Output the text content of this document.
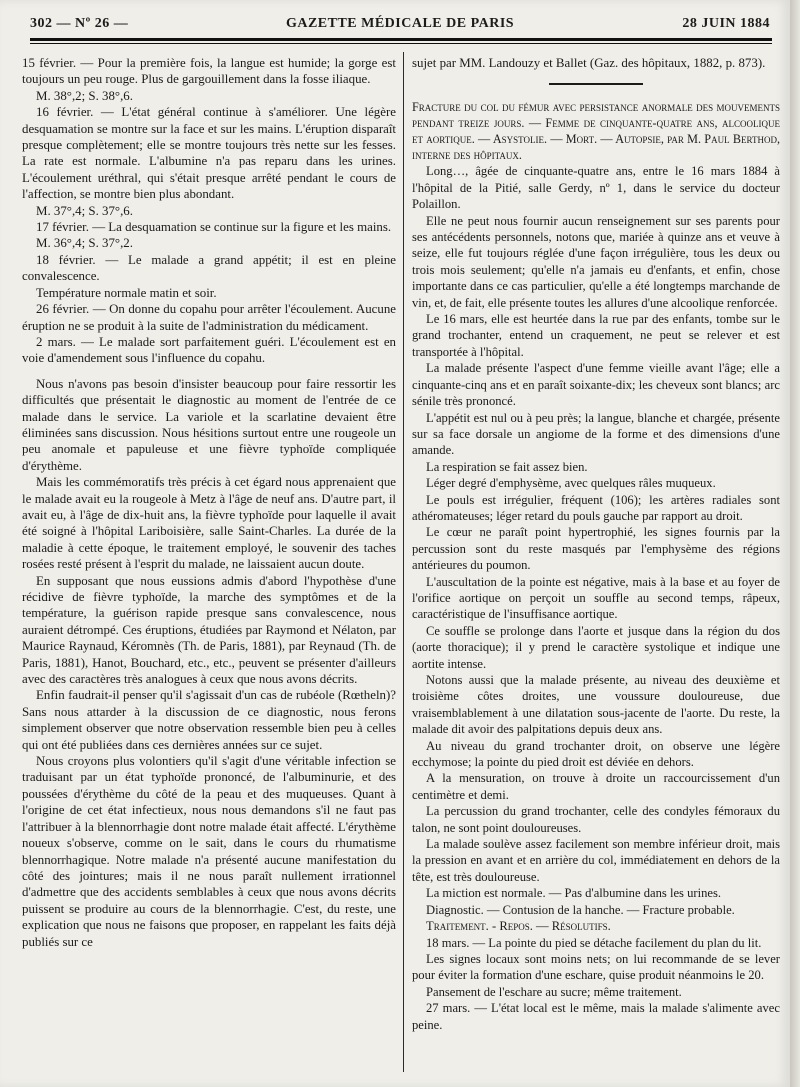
302 — Nº 26 —	GAZETTE MÉDICALE DE PARIS	28 JUIN 1884

15 février. — Pour la première fois, la langue est humide; la gorge est toujours un peu rouge. Plus de gargouillement dans la fosse iliaque.

M. 38°,2; S. 38°,6.

16 février. — L'état général continue à s'améliorer. Une légère desquamation se montre sur la face et sur les mains. L'éruption disparaît presque complètement; elle se montre toujours très nette sur les fesses. La rate est normale. L'albumine n'a pas reparu dans les urines. L'écoulement uréthral, qui s'était presque arrêté pendant le cours de l'affection, se montre bien plus abondant.

M. 37°,4; S. 37°,6.

17 février. — La desquamation se continue sur la figure et les mains.

M. 36°,4; S. 37°,2.

18 février. — Le malade a grand appétit; il est en pleine convalescence.

Température normale matin et soir.

26 février. — On donne du copahu pour arrêter l'écoulement. Aucune éruption ne se produit à la suite de l'administration du médicament.

2 mars. — Le malade sort parfaitement guéri. L'écoulement est en voie d'amendement sous l'influence du copahu.

Nous n'avons pas besoin d'insister beaucoup pour faire ressortir les difficultés que présentait le diagnostic au moment de l'entrée de ce malade dans le service. La variole et la scarlatine devaient être éliminées sans discussion. Nous hésitions surtout entre une rougeole un peu anomale et papuleuse et une fièvre typhoïde compliquée d'érythème.

Mais les commémoratifs très précis à cet égard nous apprenaient que le malade avait eu la rougeole à Metz à l'âge de neuf ans. D'autre part, il avait eu, à l'âge de dix-huit ans, la fièvre typhoïde pour laquelle il avait été soigné à l'hôpital Lariboisière, salle Saint-Charles. La durée de la maladie à cette époque, le traitement employé, le souvenir des taches rosées resté présent à l'esprit du malade, ne laissaient aucun doute.

En supposant que nous eussions admis d'abord l'hypothèse d'une récidive de fièvre typhoïde, la marche des symptômes et de la température, la guérison rapide presque sans convalescence, nous auraient détrompé. Ces éruptions, étudiées par Raymond et Nélaton, par Maurice Raynaud, Kéromnès (Th. de Paris, 1881), par Reynaud (Th. de Paris, 1881), Hanot, Bouchard, etc., etc., peuvent se présenter d'ailleurs avec des caractères très analogues à ceux que nous avons décrits.

Enfin faudrait-il penser qu'il s'agissait d'un cas de rubéole (Rœtheln)? Sans nous attarder à la discussion de ce diagnostic, nous ferons simplement observer que notre observation ressemble bien peu à celles qui ont été publiées dans ces dernières années sur ce sujet.

Nous croyons plus volontiers qu'il s'agit d'une véritable infection se traduisant par un état typhoïde prononcé, de l'albuminurie, et des poussées d'érythème du côté de la peau et des muqueuses. Quant à l'origine de cet état infectieux, nous nous demandons s'il ne faut pas l'attribuer à la blennorrhagie dont notre malade était affecté. L'érythème noueux s'observe, comme on le sait, dans le cours du rhumatisme blennorrhagique. Notre malade n'a présenté aucune manifestation du côté des jointures; mais il ne nous paraît nullement irrationnel d'admettre que des accidents semblables à ceux que nous avons décrits puissent se produire au cours de la blennorrhagie. C'est, du reste, une explication que nous ne faisons que proposer, en rappelant les faits déjà publiés sur ce

sujet par MM. Landouzy et Ballet (Gaz. des hôpitaux, 1882, p. 873).

Fracture du col du fémur avec persistance anormale des mouvements pendant treize jours. — Femme de cinquante-quatre ans, alcoolique et aortique. — Asystolie. — Mort. — Autopsie, par M. Paul Berthod, interne des hôpitaux.

Long…, âgée de cinquante-quatre ans, entre le 16 mars 1884 à l'hôpital de la Pitié, salle Gerdy, nº 1, dans le service du docteur Polaillon.

Elle ne peut nous fournir aucun renseignement sur ses parents pour ses antécédents personnels, notons que, mariée à quinze ans et veuve à seize, elle fut toujours réglée d'une façon irrégulière, tous les deux ou trois mois seulement; qu'elle n'a jamais eu d'enfants, et enfin, chose importante dans ce cas particulier, qu'elle a été longtemps marchande de vin, et, de fait, elle présente toutes les allures d'une alcoolique renforcée.

Le 16 mars, elle est heurtée dans la rue par des enfants, tombe sur le grand trochanter, entend un craquement, ne peut se relever et est transportée à l'hôpital.

La malade présente l'aspect d'une femme vieille avant l'âge; elle a cinquante-cinq ans et en paraît soixante-dix; les cheveux sont blancs; arc sénile très prononcé.

L'appétit est nul ou à peu près; la langue, blanche et chargée, présente sur sa face dorsale un angiome de la forme et des dimensions d'une amande.

La respiration se fait assez bien.

Léger degré d'emphysème, avec quelques râles muqueux.

Le pouls est irrégulier, fréquent (106); les artères radiales sont athéromateuses; léger retard du pouls gauche par rapport au droit.

Le cœur ne paraît point hypertrophié, les signes fournis par la percussion sont du reste masqués par l'emphysème des régions antérieures du poumon.

L'auscultation de la pointe est négative, mais à la base et au foyer de l'orifice aortique on perçoit un souffle au second temps, râpeux, caractéristique de l'insuffisance aortique.

Ce souffle se prolonge dans l'aorte et jusque dans la région du dos (aorte thoracique); il y prend le caractère systolique et indique une aortite intense.

Notons aussi que la malade présente, au niveau des deuxième et troisième côtes droites, une voussure douloureuse, due vraisemblablement à une dilatation sous-jacente de l'aorte. Du reste, la malade dit avoir des palpitations depuis deux ans.

Au niveau du grand trochanter droit, on observe une légère ecchymose; la pointe du pied droit est déviée en dehors.

A la mensuration, on trouve à droite un raccourcissement d'un centimètre et demi.

La percussion du grand trochanter, celle des condyles fémoraux du talon, ne sont point douloureuses.

La malade soulève assez facilement son membre inférieur droit, mais la pression en avant et en arrière du col, immédiatement en dehors de la tête, est très douloureuse.

La miction est normale. — Pas d'albumine dans les urines.

Diagnostic. — Contusion de la hanche. — Fracture probable.

Traitement. - Repos. — Résolutifs.

18 mars. — La pointe du pied se détache facilement du plan du lit.

Les signes locaux sont moins nets; on lui recommande de se lever pour éviter la formation d'une eschare, quise produit néanmoins le 20.

Pansement de l'eschare au sucre; même traitement.

27 mars. — L'état local est le même, mais la malade s'alimente avec peine.
